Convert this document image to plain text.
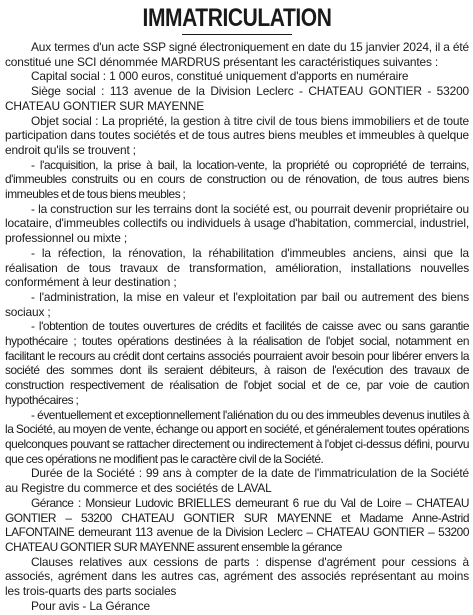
IMMATRICULATION

Aux termes d'un acte SSP signé électroniquement en date du 15 janvier 2024, il a été constitué une SCI dénommée MARDRUS présentant les caractéristiques suivantes :

Capital social : 1 000 euros, constitué uniquement d'apports en numéraire

Siège social : 113 avenue de la Division Leclerc - CHATEAU GONTIER - 53200 CHATEAU GONTIER SUR MAYENNE

Objet social : La propriété, la gestion à titre civil de tous biens immobiliers et de toute participation dans toutes sociétés et de tous autres biens meubles et immeubles à quelque endroit qu'ils se trouvent ;

- l'acquisition, la prise à bail, la location-vente, la propriété ou copropriété de terrains, d'immeubles construits ou en cours de construction ou de rénovation, de tous autres biens immeubles et de tous biens meubles ;

- la construction sur les terrains dont la société est, ou pourrait devenir propriétaire ou locataire, d'immeubles collectifs ou individuels à usage d'habitation, commercial, industriel, professionnel ou mixte ;

- la réfection, la rénovation, la réhabilitation d'immeubles anciens, ainsi que la réalisation de tous travaux de transformation, amélioration, installations nouvelles conformément à leur destination ;

- l'administration, la mise en valeur et l'exploitation par bail ou autrement des biens sociaux ;

- l'obtention de toutes ouvertures de crédits et facilités de caisse avec ou sans garantie hypothécaire ; toutes opérations destinées à la réalisation de l'objet social, notamment en facilitant le recours au crédit dont certains associés pourraient avoir besoin pour libérer envers la société des sommes dont ils seraient débiteurs, à raison de l'exécution des travaux de construction respectivement de réalisation de l'objet social et de ce, par voie de caution hypothécaires ;

- éventuellement et exceptionnellement l'aliénation du ou des immeubles devenus inutiles à la Société, au moyen de vente, échange ou apport en société, et généralement toutes opérations quelconques pouvant se rattacher directement ou indirectement à l'objet ci-dessus défini, pourvu que ces opérations ne modifient pas le caractère civil de la Société.

Durée de la Société : 99 ans à compter de la date de l'immatriculation de la Société au Registre du commerce et des sociétés de LAVAL

Gérance : Monsieur Ludovic BRIELLES demeurant 6 rue du Val de Loire – CHATEAU GONTIER – 53200 CHATEAU GONTIER SUR MAYENNE et Madame Anne-Astrid LAFONTAINE demeurant 113 avenue de la Division Leclerc – CHATEAU GONTIER – 53200 CHATEAU GONTIER SUR MAYENNE assurent ensemble la gérance

Clauses relatives aux cessions de parts : dispense d'agrément pour cessions à associés, agrément dans les autres cas, agrément des associés représentant au moins les trois-quarts des parts sociales

Pour avis - La Gérance
